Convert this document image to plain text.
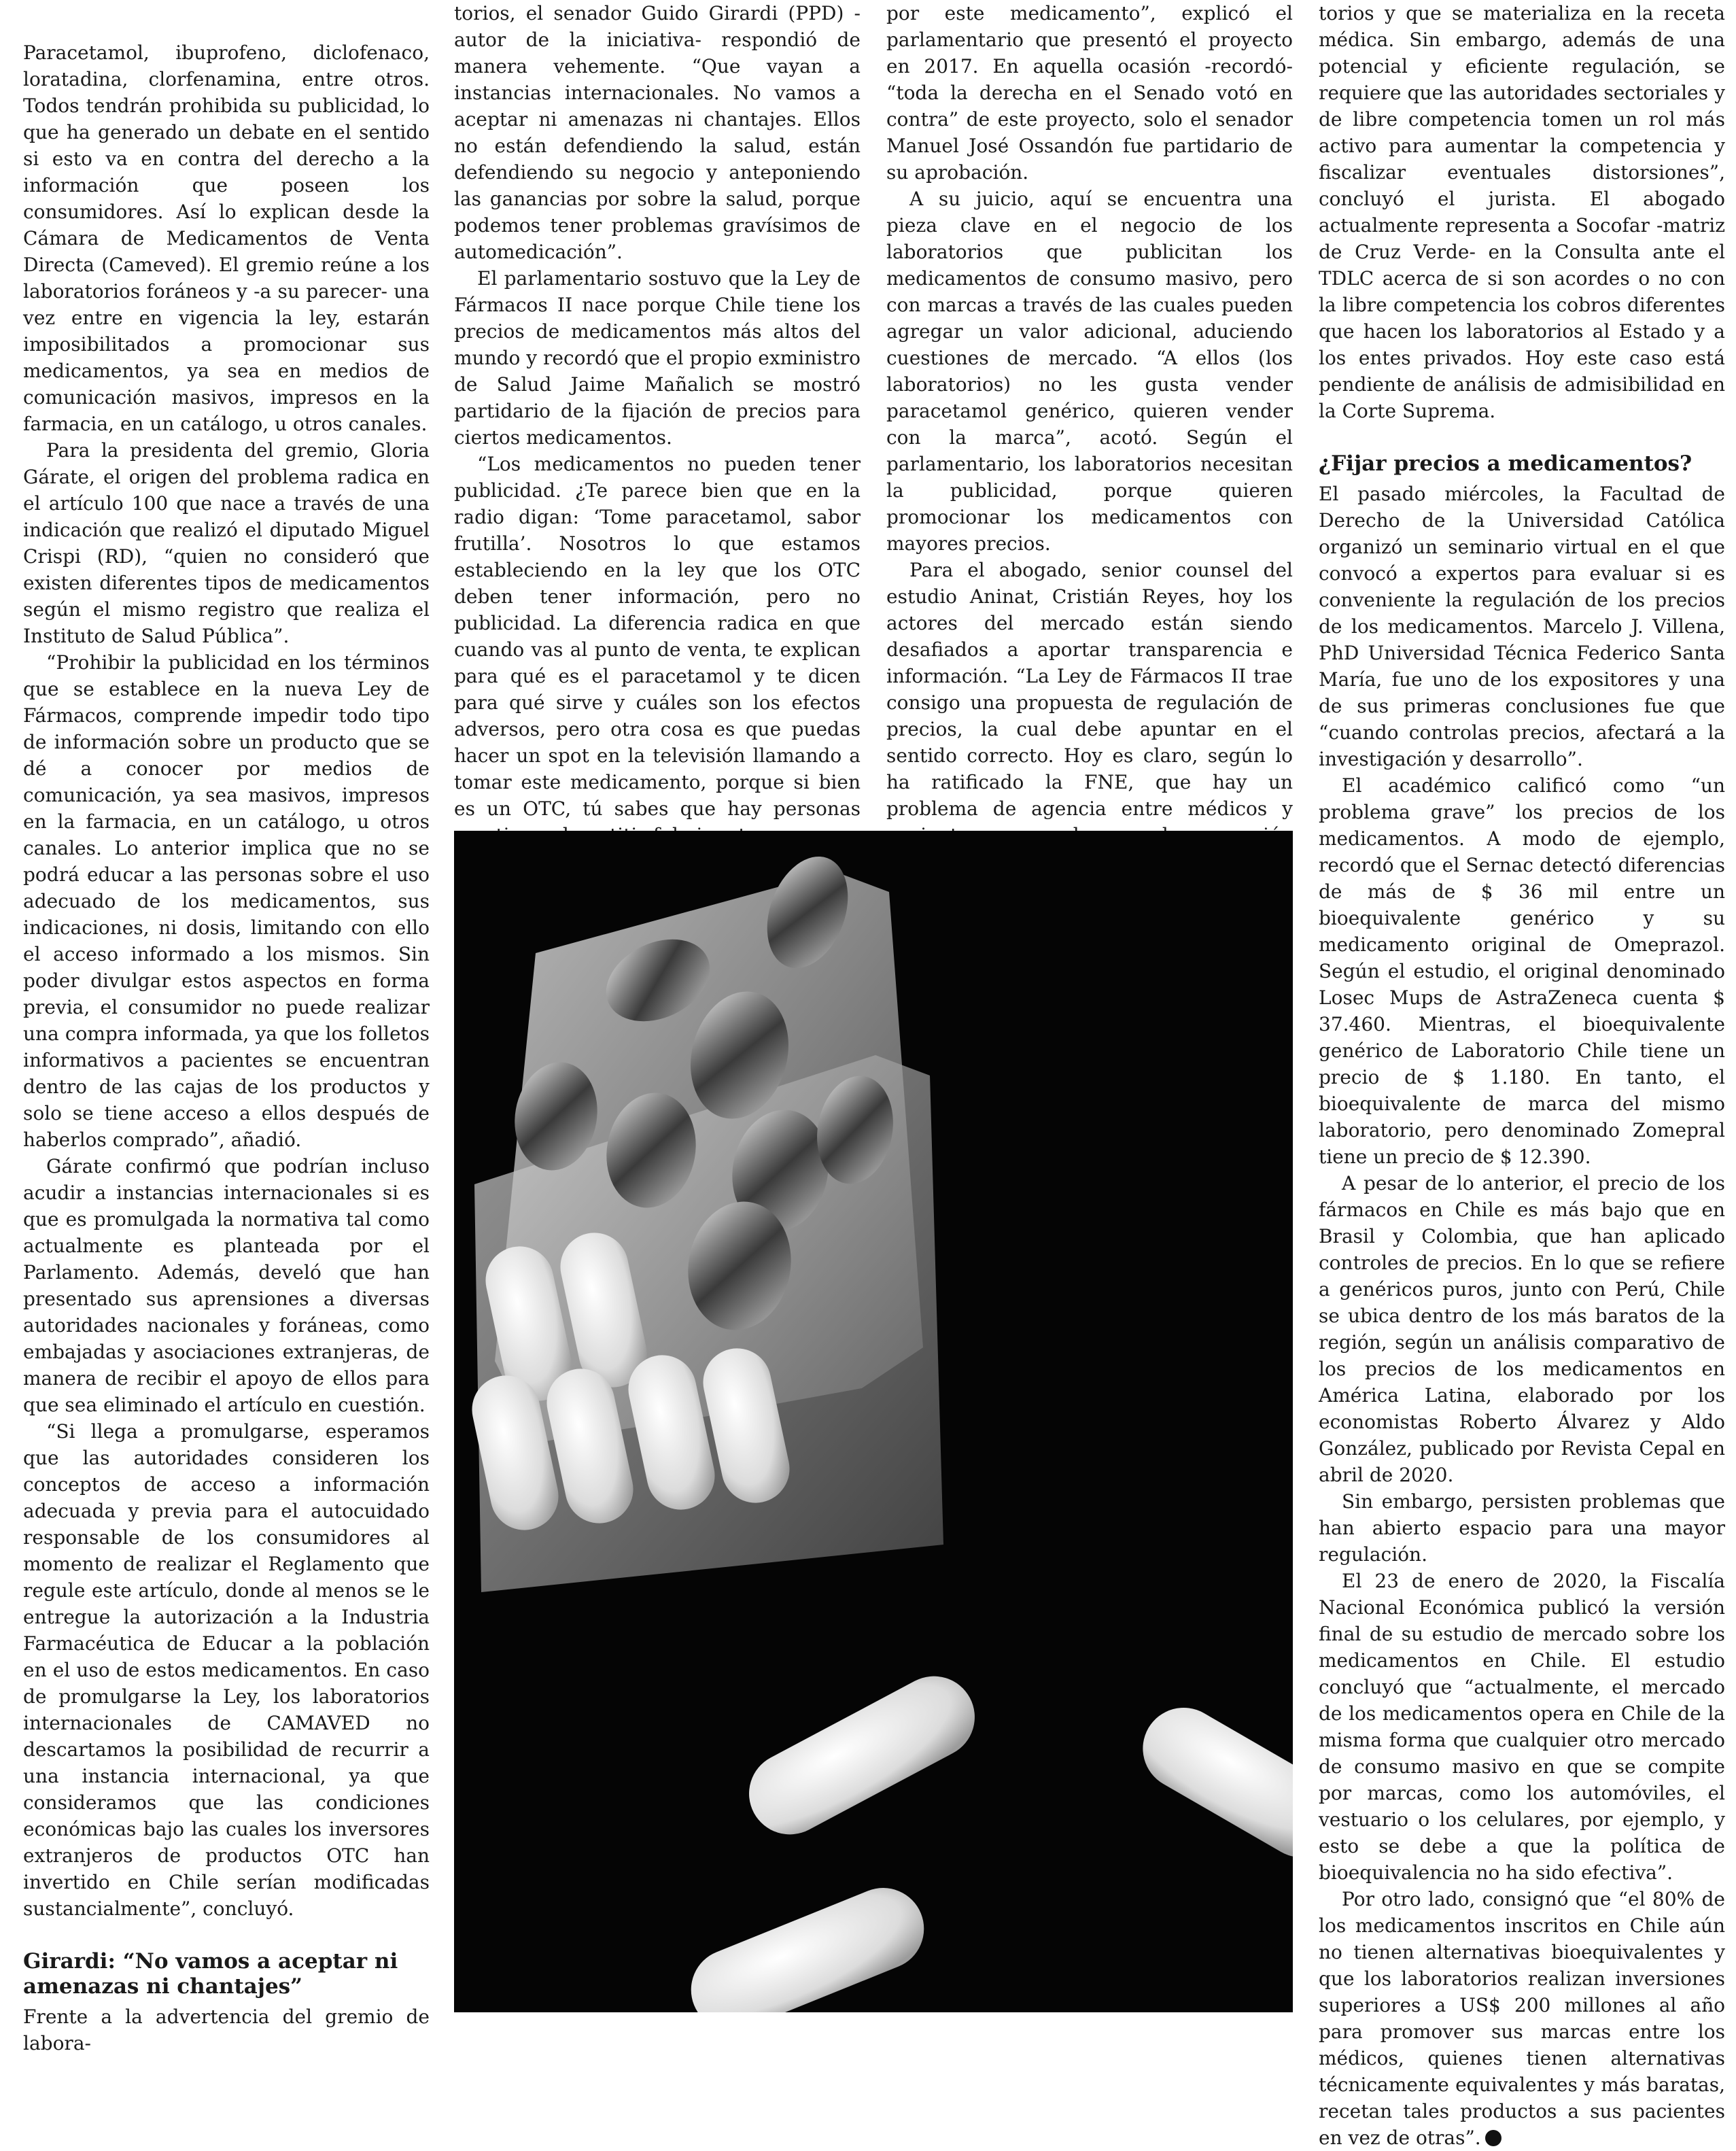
Paracetamol, ibuprofeno, diclofenaco, loratadina, clorfenamina, entre otros. Todos tendrán prohibida su publicidad, lo que ha generado un debate en el sentido si esto va en contra del derecho a la información que poseen los consumidores. Así lo explican desde la Cámara de Medicamentos de Venta Directa (Cameved). El gremio reúne a los laboratorios foráneos y -a su parecer- una vez entre en vigencia la ley, estarán imposibilitados a promocionar sus medicamentos, ya sea en medios de comunicación masivos, impresos en la farmacia, en un catálogo, u otros canales.

Para la presidenta del gremio, Gloria Gárate, el origen del problema radica en el artículo 100 que nace a través de una indicación que realizó el diputado Miguel Crispi (RD), “quien no consideró que existen diferentes tipos de medicamentos según el mismo registro que realiza el Instituto de Salud Pública”.

“Prohibir la publicidad en los términos que se establece en la nueva Ley de Fármacos, comprende impedir todo tipo de información sobre un producto que se dé a conocer por medios de comunicación, ya sea masivos, impresos en la farmacia, en un catálogo, u otros canales. Lo anterior implica que no se podrá educar a las personas sobre el uso adecuado de los medicamentos, sus indicaciones, ni dosis, limitando con ello el acceso informado a los mismos. Sin poder divulgar estos aspectos en forma previa, el consumidor no puede realizar una compra informada, ya que los folletos informativos a pacientes se encuentran dentro de las cajas de los productos y solo se tiene acceso a ellos después de haberlos comprado”, añadió.

Gárate confirmó que podrían incluso acudir a instancias internacionales si es que es promulgada la normativa tal como actualmente es planteada por el Parlamento. Además, develó que han presentado sus aprensiones a diversas autoridades nacionales y foráneas, como embajadas y asociaciones extranjeras, de manera de recibir el apoyo de ellos para que sea eliminado el artículo en cuestión.

“Si llega a promulgarse, esperamos que las autoridades consideren los conceptos de acceso a información adecuada y previa para el autocuidado responsable de los consumidores al momento de realizar el Reglamento que regule este artículo, donde al menos se le entregue la autorización a la Industria Farmacéutica de Educar a la población en el uso de estos medicamentos. En caso de promulgarse la Ley, los laboratorios internacionales de CAMAVED no descartamos la posibilidad de recurrir a una instancia internacional, ya que consideramos que las condiciones económicas bajo las cuales los inversores extranjeros de productos OTC han invertido en Chile serían modificadas sustancialmente”, concluyó.

Girardi: “No vamos a aceptar ni amenazas ni chantajes”

Frente a la advertencia del gremio de labora-

torios, el senador Guido Girardi (PPD) -autor de la iniciativa- respondió de manera vehemente. “Que vayan a instancias internacionales. No vamos a aceptar ni amenazas ni chantajes. Ellos no están defendiendo la salud, están defendiendo su negocio y anteponiendo las ganancias por sobre la salud, porque podemos tener problemas gravísimos de automedicación”.

El parlamentario sostuvo que la Ley de Fármacos II nace porque Chile tiene los precios de medicamentos más altos del mundo y recordó que el propio exministro de Salud Jaime Mañalich se mostró partidario de la fijación de precios para ciertos medicamentos.

“Los medicamentos no pueden tener publicidad. ¿Te parece bien que en la radio digan: ‘Tome paracetamol, sabor frutilla’. Nosotros lo que estamos estableciendo en la ley que los OTC deben tener información, pero no publicidad. La diferencia radica en que cuando vas al punto de venta, te explican para qué es el paracetamol y te dicen para qué sirve y cuáles son los efectos adversos, pero otra cosa es que puedas hacer un spot en la televisión llamando a tomar este medicamento, porque si bien es un OTC, tú sabes que hay personas

por este medicamento”, explicó el parlamentario que presentó el proyecto en 2017. En aquella ocasión -recordó- “toda la derecha en el Senado votó en contra” de este proyecto, solo el senador Manuel José Ossandón fue partidario de su aprobación.

A su juicio, aquí se encuentra una pieza clave en el negocio de los laboratorios que publicitan los medicamentos de consumo masivo, pero con marcas a través de las cuales pueden agregar un valor adicional, aduciendo cuestiones de mercado. “A ellos (los laboratorios) no les gusta vender paracetamol genérico, quieren vender con la marca”, acotó. Según el parlamentario, los laboratorios necesitan la publicidad, porque quieren promocionar los medicamentos con mayores precios.

Para el abogado, senior counsel del estudio Aninat, Cristián Reyes, hoy los actores del mercado están siendo desafiados a aportar transparencia e información. “La Ley de Fármacos II trae consigo una propuesta de regulación de precios, la cual debe apuntar en el sentido correcto. Hoy es claro, según lo ha ratificado la FNE, que hay un problema de agencia entre médicos y

torios y que se materializa en la receta médica. Sin embargo, además de una potencial y eficiente regulación, se requiere que las autoridades sectoriales y de libre competencia tomen un rol más activo para aumentar la competencia y fiscalizar eventuales distorsiones”, concluyó el jurista. El abogado actualmente representa a Socofar -matriz de Cruz Verde- en la Consulta ante el TDLC acerca de si son acordes o no con la libre competencia los cobros diferentes que hacen los laboratorios al Estado y a los entes privados. Hoy este caso está pendiente de análisis de admisibilidad en la Corte Suprema.

¿Fijar precios a medicamentos?

El pasado miércoles, la Facultad de Derecho de la Universidad Católica organizó un seminario virtual en el que convocó a expertos para evaluar si es conveniente la regulación de los precios de los medicamentos. Marcelo J. Villena, PhD Universidad Técnica Federico Santa María, fue uno de los expositores y una de sus primeras conclusiones fue que “cuando controlas precios, afectará a la investigación y desarrollo”.

El académico calificó como “un problema grave” los precios de los medicamentos. A modo de ejemplo, recordó que el Sernac detectó diferencias de más de $ 36 mil entre un bioequivalente genérico y su medicamento original de Omeprazol. Según el estudio, el original denominado Losec Mups de AstraZeneca cuenta $ 37.460. Mientras, el bioequivalente genérico de Laboratorio Chile tiene un precio de $ 1.180. En tanto, el bioequivalente de marca del mismo laboratorio, pero denominado Zomepral tiene un precio de $ 12.390.

A pesar de lo anterior, el precio de los fármacos en Chile es más bajo que en Brasil y Colombia, que han aplicado controles de precios. En lo que se refiere a genéricos puros, junto con Perú, Chile se ubica dentro de los más baratos de la región, según un análisis comparativo de los precios de los medicamentos en América Latina, elaborado por los economistas Roberto Álvarez y Aldo González, publicado por Revista Cepal en abril de 2020.

Sin embargo, persisten problemas que han abierto espacio para una mayor regulación.

El 23 de enero de 2020, la Fiscalía Nacional Económica publicó la versión final de su estudio de mercado sobre los medicamentos en Chile. El estudio concluyó que “actualmente, el mercado de los medicamentos opera en Chile de la misma forma que cualquier otro mercado de consumo masivo en que se compite por marcas, como los automóviles, el vestuario o los celulares, por ejemplo, y esto se debe a que la política de bioequivalencia no ha sido efectiva”.

Por otro lado, consignó que “el 80% de los medicamentos inscritos en Chile aún no tienen alternativas bioequivalentes y que los laboratorios realizan inversiones superiores a US$ 200 millones al año para promover sus marcas entre los médicos, quienes tienen alternativas técnicamente equivalentes y más baratas, recetan tales productos a sus pacientes en vez de otras”.
